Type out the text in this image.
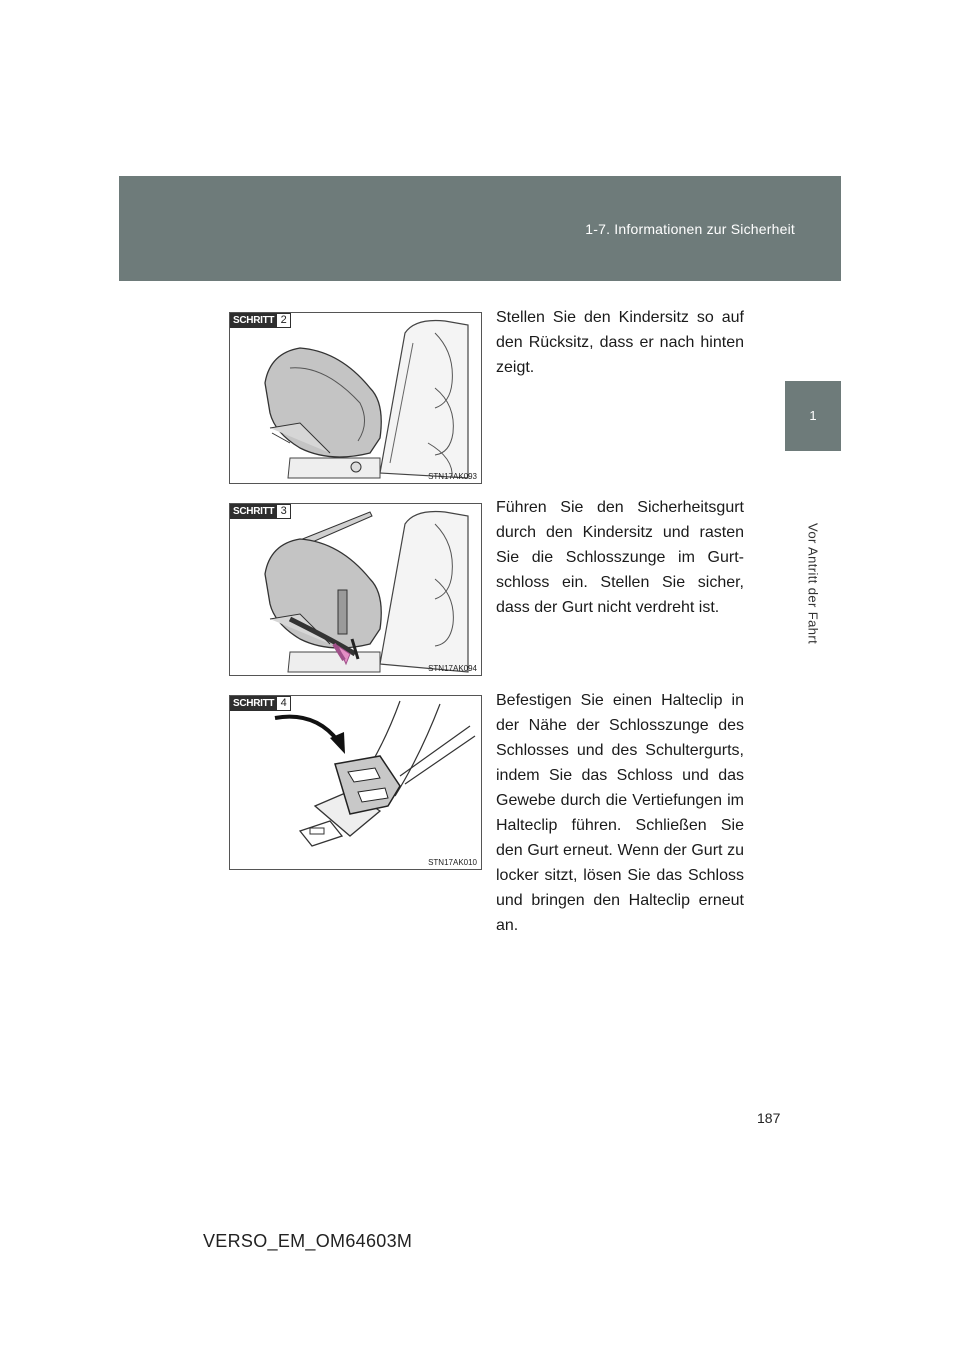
1-7. Informationen zur Sicherheit
1
Vor Antritt der Fahrt
SCHRITT 2
STN17AK093
Stellen Sie den Kindersitz so auf den Rücksitz, dass er nach hinten zeigt.
SCHRITT 3
STN17AK094
Führen Sie den Sicherheitsgurt durch den Kindersitz und rasten Sie die Schlosszunge im Gurtschloss ein. Stellen Sie sicher, dass der Gurt nicht verdreht ist.
SCHRITT 4
STN17AK010
Befestigen Sie einen Halteclip in der Nähe der Schlosszunge des Schlosses und des Schultergurts, indem Sie das Schloss und das Gewebe durch die Vertiefungen im Halteclip führen. Schließen Sie den Gurt erneut. Wenn der Gurt zu locker sitzt, lösen Sie das Schloss und bringen den Halteclip erneut an.
187
VERSO_EM_OM64603M
